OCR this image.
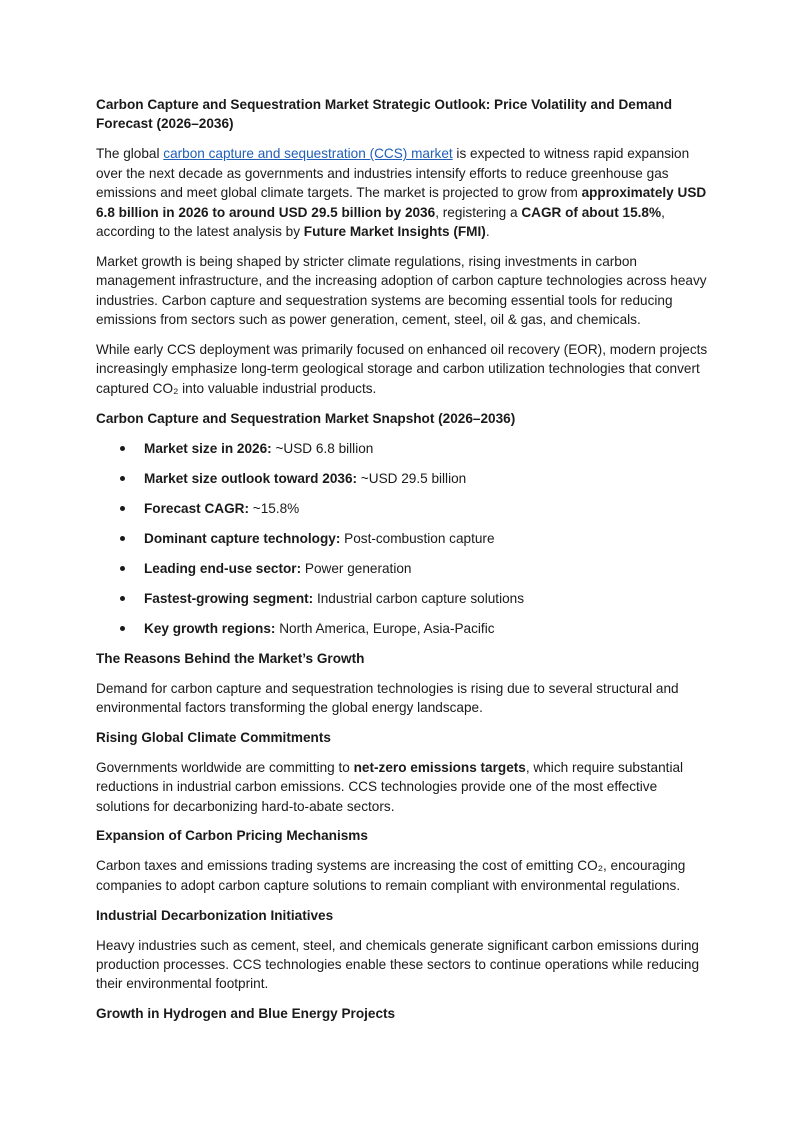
Carbon Capture and Sequestration Market Strategic Outlook: Price Volatility and Demand Forecast (2026–2036)

The global carbon capture and sequestration (CCS) market is expected to witness rapid expansion over the next decade as governments and industries intensify efforts to reduce greenhouse gas emissions and meet global climate targets. The market is projected to grow from approximately USD 6.8 billion in 2026 to around USD 29.5 billion by 2036, registering a CAGR of about 15.8%, according to the latest analysis by Future Market Insights (FMI).

Market growth is being shaped by stricter climate regulations, rising investments in carbon management infrastructure, and the increasing adoption of carbon capture technologies across heavy industries. Carbon capture and sequestration systems are becoming essential tools for reducing emissions from sectors such as power generation, cement, steel, oil & gas, and chemicals.

While early CCS deployment was primarily focused on enhanced oil recovery (EOR), modern projects increasingly emphasize long-term geological storage and carbon utilization technologies that convert captured CO₂ into valuable industrial products.

Carbon Capture and Sequestration Market Snapshot (2026–2036)
Market size in 2026: ~USD 6.8 billion
Market size outlook toward 2036: ~USD 29.5 billion
Forecast CAGR: ~15.8%
Dominant capture technology: Post-combustion capture
Leading end-use sector: Power generation
Fastest-growing segment: Industrial carbon capture solutions
Key growth regions: North America, Europe, Asia-Pacific
The Reasons Behind the Market’s Growth

Demand for carbon capture and sequestration technologies is rising due to several structural and environmental factors transforming the global energy landscape.

Rising Global Climate Commitments

Governments worldwide are committing to net-zero emissions targets, which require substantial reductions in industrial carbon emissions. CCS technologies provide one of the most effective solutions for decarbonizing hard-to-abate sectors.

Expansion of Carbon Pricing Mechanisms

Carbon taxes and emissions trading systems are increasing the cost of emitting CO₂, encouraging companies to adopt carbon capture solutions to remain compliant with environmental regulations.

Industrial Decarbonization Initiatives

Heavy industries such as cement, steel, and chemicals generate significant carbon emissions during production processes. CCS technologies enable these sectors to continue operations while reducing their environmental footprint.

Growth in Hydrogen and Blue Energy Projects
